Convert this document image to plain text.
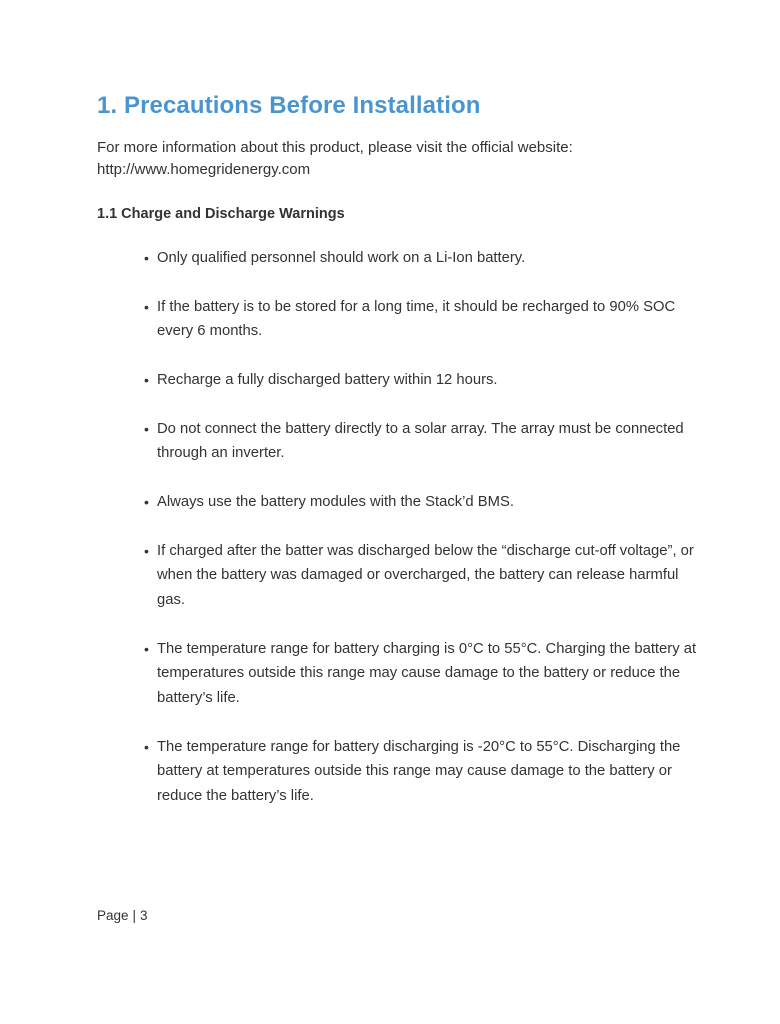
1. Precautions Before Installation
For more information about this product, please visit the official website:
http://www.homegridenergy.com
1.1 Charge and Discharge Warnings
• Only qualified personnel should work on a Li-Ion battery.
• If the battery is to be stored for a long time, it should be recharged to 90% SOC every 6 months.
• Recharge a fully discharged battery within 12 hours.
• Do not connect the battery directly to a solar array. The array must be connected through an inverter.
• Always use the battery modules with the Stack’d BMS.
• If charged after the batter was discharged below the “discharge cut-off voltage”, or when the battery was damaged or overcharged, the battery can release harmful gas.
• The temperature range for battery charging is 0°C to 55°C. Charging the battery at temperatures outside this range may cause damage to the battery or reduce the battery’s life.
• The temperature range for battery discharging is -20°C to 55°C. Discharging the battery at temperatures outside this range may cause damage to the battery or reduce the battery’s life.
Page | 3
